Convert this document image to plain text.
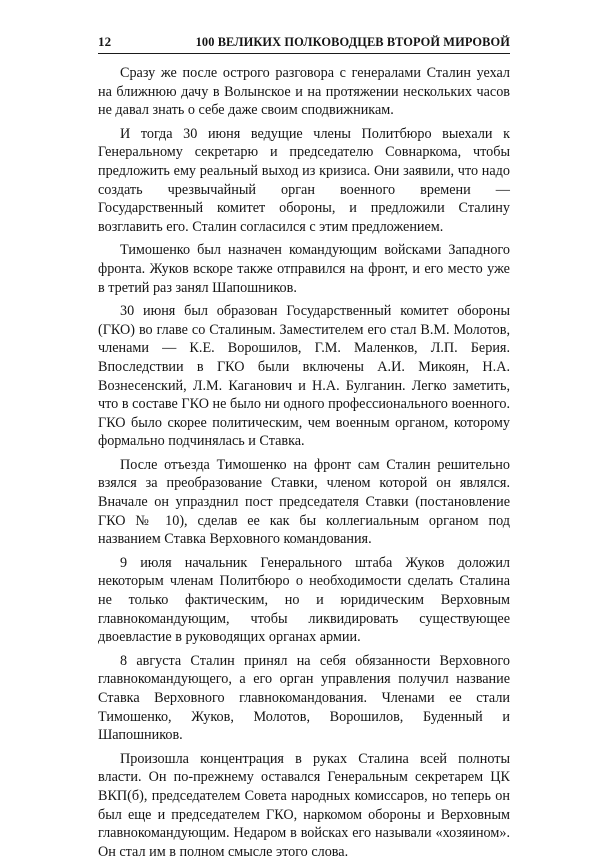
12	100 ВЕЛИКИХ ПОЛКОВОДЦЕВ ВТОРОЙ МИРОВОЙ

Сразу же после острого разговора с генералами Сталин уехал на ближнюю дачу в Волынское и на протяжении нескольких часов не давал знать о себе даже своим сподвижникам.

И тогда 30 июня ведущие члены Политбюро выехали к Генеральному секретарю и председателю Совнаркома, чтобы предложить ему реальный выход из кризиса. Они заявили, что надо создать чрезвычайный орган военного времени — Государственный комитет обороны, и предложили Сталину возглавить его. Сталин согласился с этим предложением.

Тимошенко был назначен командующим войсками Западного фронта. Жуков вскоре также отправился на фронт, и его место уже в третий раз занял Шапошников.

30 июня был образован Государственный комитет обороны (ГКО) во главе со Сталиным. Заместителем его стал В.М. Молотов, членами — К.Е. Ворошилов, Г.М. Маленков, Л.П. Берия. Впоследствии в ГКО были включены А.И. Микоян, Н.А. Вознесенский, Л.М. Каганович и Н.А. Булганин. Легко заметить, что в составе ГКО не было ни одного профессионального военного. ГКО было скорее политическим, чем военным органом, которому формально подчинялась и Ставка.

После отъезда Тимошенко на фронт сам Сталин решительно взялся за преобразование Ставки, членом которой он являлся. Вначале он упразднил пост председателя Ставки (постановление ГКО № 10), сделав ее как бы коллегиальным органом под названием Ставка Верховного командования.

9 июля начальник Генерального штаба Жуков доложил некоторым членам Политбюро о необходимости сделать Сталина не только фактическим, но и юридическим Верховным главнокомандующим, чтобы ликвидировать существующее двоевластие в руководящих органах армии.

8 августа Сталин принял на себя обязанности Верховного главнокомандующего, а его орган управления получил название Ставка Верховного главнокомандования. Членами ее стали Тимошенко, Жуков, Молотов, Ворошилов, Буденный и Шапошников.

Произошла концентрация в руках Сталина всей полноты власти. Он по-прежнему оставался Генеральным секретарем ЦК ВКП(б), председателем Совета народных комиссаров, но теперь он был еще и председателем ГКО, наркомом обороны и Верховным главнокомандующим. Недаром в войсках его называли «хозяином». Он стал им в полном смысле этого слова.
